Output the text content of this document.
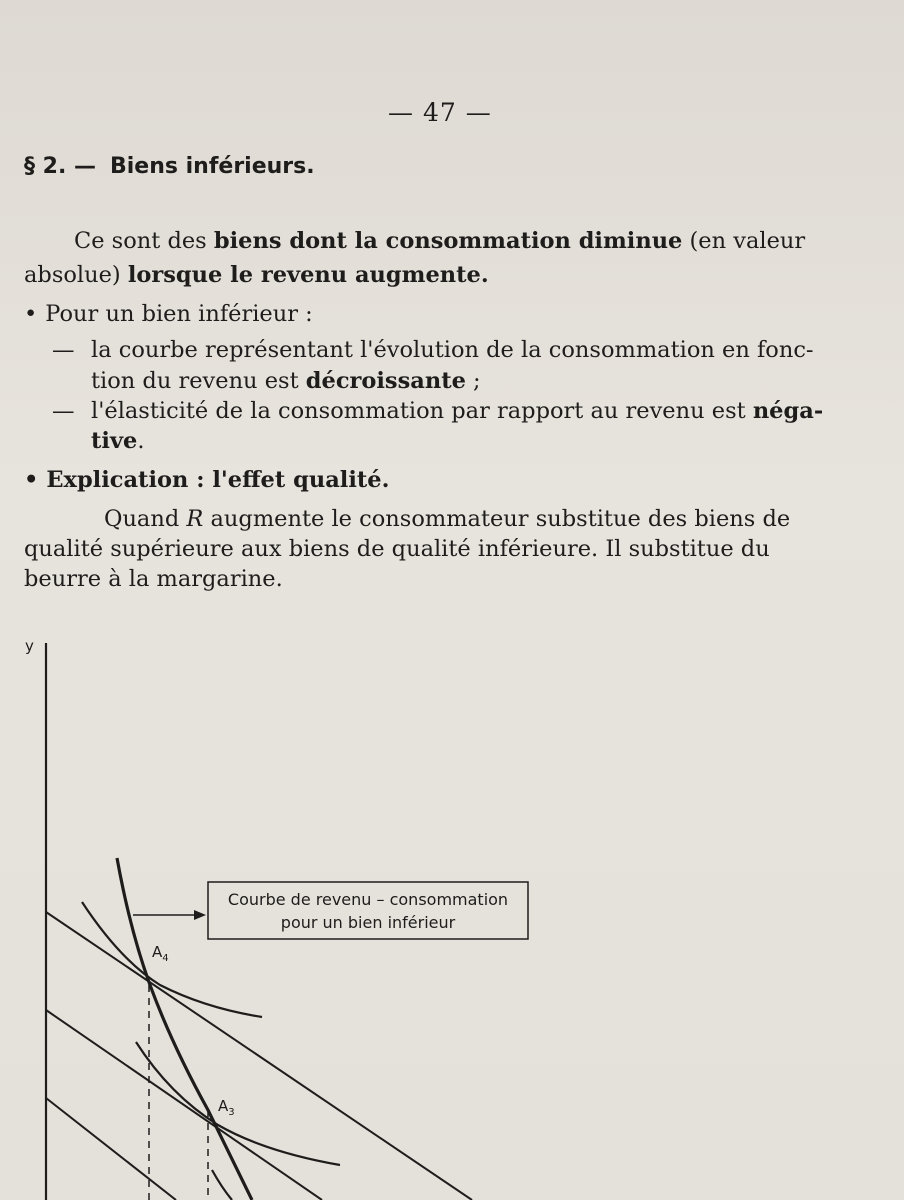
— 47 —
§ 2. — Biens inférieurs.
Ce sont des biens dont la consommation diminue (en valeur
absolue) lorsque le revenu augmente.
• Pour un bien inférieur :
— la courbe représentant l'évolution de la consommation en fonc-
tion du revenu est décroissante ;
— l'élasticité de la consommation par rapport au revenu est néga-
tive.
• Explication : l'effet qualité.
Quand R augmente le consommateur substitue des biens de
qualité supérieure aux biens de qualité inférieure. Il substitue du
beurre à la margarine.
y
$A_4$
$A_3$
Courbe de revenu – consommation
pour un bien inférieur
